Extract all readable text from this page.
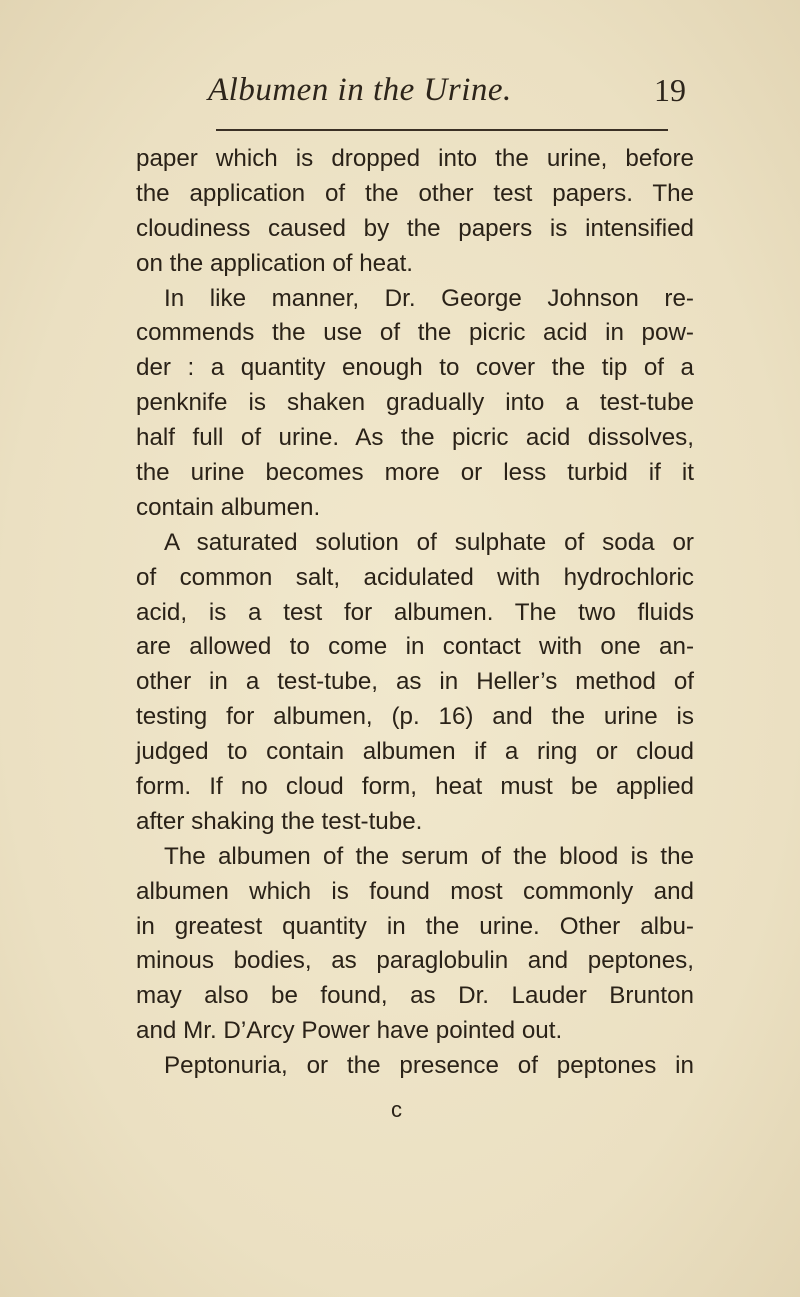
Albumen in the Urine.	19
paper which is dropped into the urine, before
the application of the other test papers. The
cloudiness caused by the papers is intensified
on the application of heat.
In like manner, Dr. George Johnson re-
commends the use of the picric acid in pow-
der : a quantity enough to cover the tip of a
penknife is shaken gradually into a test-tube
half full of urine. As the picric acid dissolves,
the urine becomes more or less turbid if it
contain albumen.
A saturated solution of sulphate of soda or
of common salt, acidulated with hydrochloric
acid, is a test for albumen. The two fluids
are allowed to come in contact with one an-
other in a test-tube, as in Heller’s method of
testing for albumen, (p. 16) and the urine is
judged to contain albumen if a ring or cloud
form. If no cloud form, heat must be applied
after shaking the test-tube.
The albumen of the serum of the blood is the
albumen which is found most commonly and
in greatest quantity in the urine. Other albu-
minous bodies, as paraglobulin and peptones,
may also be found, as Dr. Lauder Brunton
and Mr. D’Arcy Power have pointed out.
Peptonuria, or the presence of peptones in
c
